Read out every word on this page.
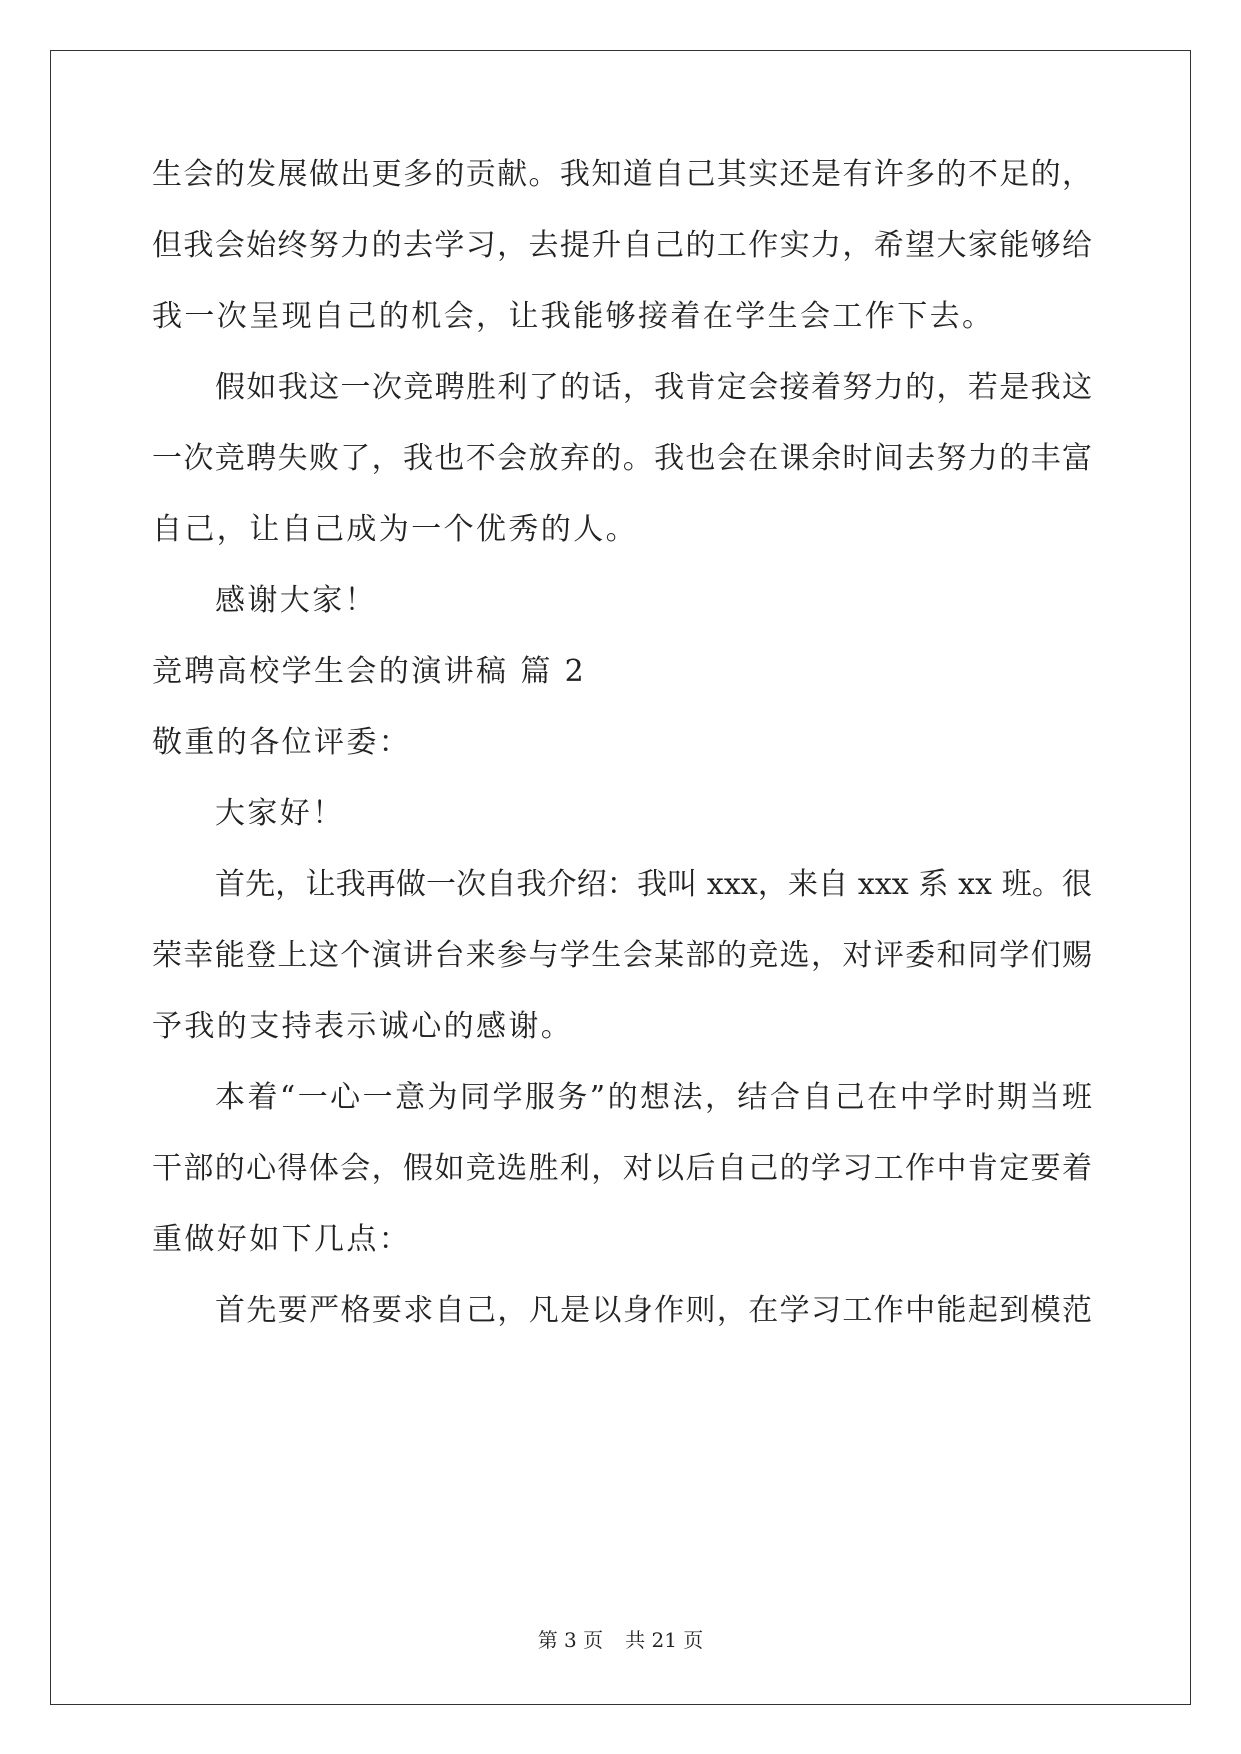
生会的发展做出更多的贡献。我知道自己其实还是有许多的不足的，
但我会始终努力的去学习，去提升自己的工作实力，希望大家能够给
我一次呈现自己的机会，让我能够接着在学生会工作下去。
假如我这一次竞聘胜利了的话，我肯定会接着努力的，若是我这
一次竞聘失败了，我也不会放弃的。我也会在课余时间去努力的丰富
自己，让自己成为一个优秀的人。
感谢大家！
竞聘高校学生会的演讲稿 篇 2
敬重的各位评委：
大家好！
首先，让我再做一次自我介绍：我叫 xxx，来自 xxx 系 xx 班。很
荣幸能登上这个演讲台来参与学生会某部的竞选，对评委和同学们赐
予我的支持表示诚心的感谢。
本着“一心一意为同学服务”的想法，结合自己在中学时期当班
干部的心得体会，假如竞选胜利，对以后自己的学习工作中肯定要着
重做好如下几点：
首先要严格要求自己，凡是以身作则，在学习工作中能起到模范
第 3 页 共 21 页
